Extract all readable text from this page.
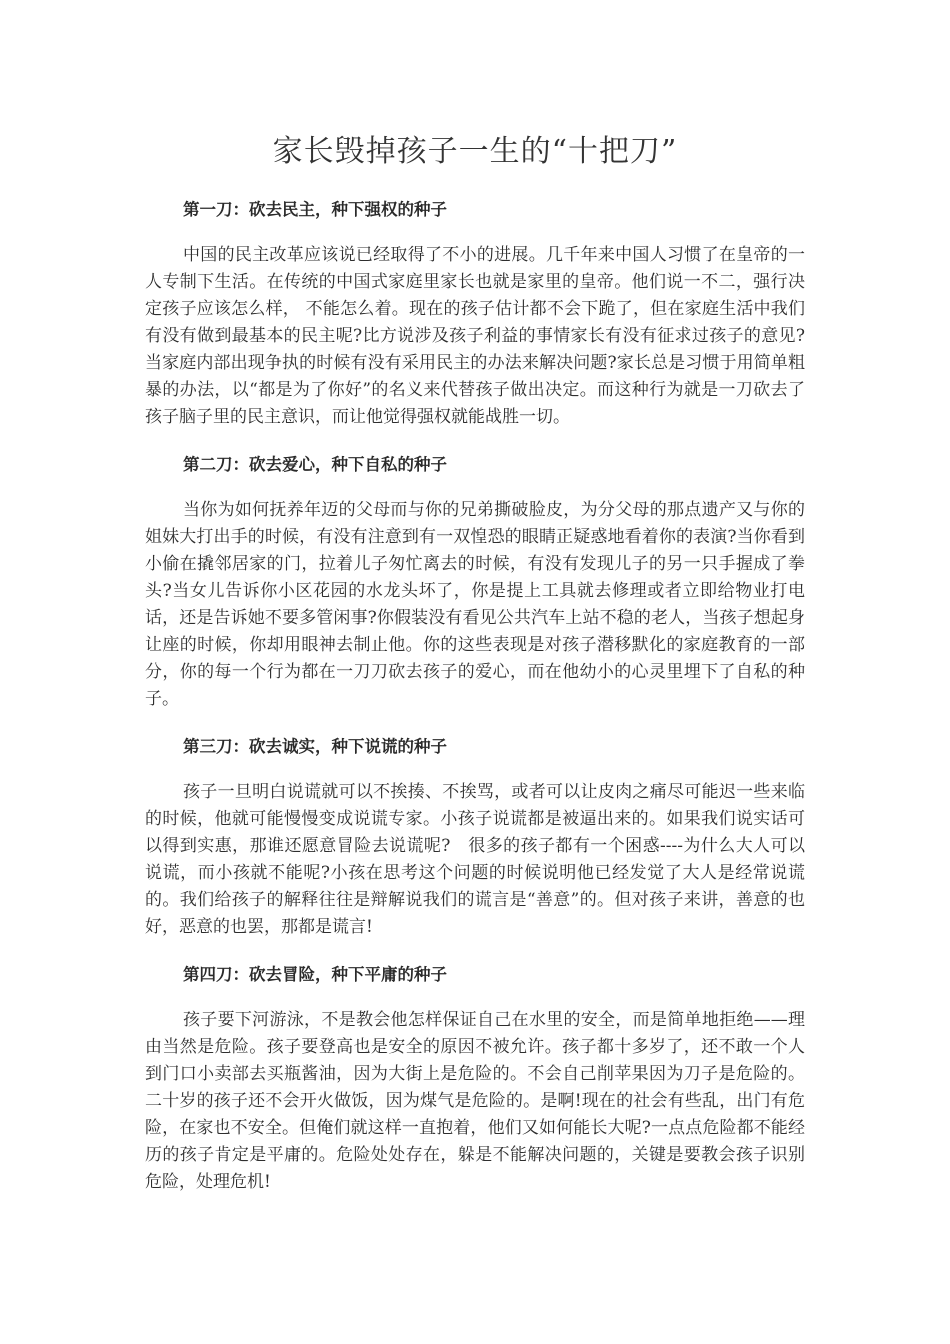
家长毁掉孩子一生的“十把刀”
第一刀：砍去民主，种下强权的种子

中国的民主改革应该说已经取得了不小的进展。几千年来中国人习惯了在皇帝的一人专制下生活。在传统的中国式家庭里家长也就是家里的皇帝。他们说一不二，强行决定孩子应该怎么样， 不能怎么着。现在的孩子估计都不会下跪了，但在家庭生活中我们有没有做到最基本的民主呢?比方说涉及孩子利益的事情家长有没有征求过孩子的意见?当家庭内部出现争执的时候有没有采用民主的办法来解决问题?家长总是习惯于用简单粗暴的办法，以“都是为了你好”的名义来代替孩子做出决定。而这种行为就是一刀砍去了孩子脑子里的民主意识，而让他觉得强权就能战胜一切。

第二刀：砍去爱心，种下自私的种子

当你为如何抚养年迈的父母而与你的兄弟撕破脸皮，为分父母的那点遗产又与你的姐妹大打出手的时候，有没有注意到有一双惶恐的眼睛正疑惑地看着你的表演?当你看到小偷在撬邻居家的门，拉着儿子匆忙离去的时候，有没有发现儿子的另一只手握成了拳头?当女儿告诉你小区花园的水龙头坏了，你是提上工具就去修理或者立即给物业打电话，还是告诉她不要多管闲事?你假装没有看见公共汽车上站不稳的老人，当孩子想起身让座的时候，你却用眼神去制止他。你的这些表现是对孩子潜移默化的家庭教育的一部分，你的每一个行为都在一刀刀砍去孩子的爱心，而在他幼小的心灵里埋下了自私的种子。

第三刀：砍去诚实，种下说谎的种子

孩子一旦明白说谎就可以不挨揍、不挨骂，或者可以让皮肉之痛尽可能迟一些来临的时候，他就可能慢慢变成说谎专家。小孩子说谎都是被逼出来的。如果我们说实话可以得到实惠，那谁还愿意冒险去说谎呢?　很多的孩子都有一个困惑----为什么大人可以说谎，而小孩就不能呢?小孩在思考这个问题的时候说明他已经发觉了大人是经常说谎的。我们给孩子的解释往往是辩解说我们的谎言是“善意”的。但对孩子来讲，善意的也好，恶意的也罢，那都是谎言!

第四刀：砍去冒险，种下平庸的种子

孩子要下河游泳，不是教会他怎样保证自己在水里的安全，而是简单地拒绝——理由当然是危险。孩子要登高也是安全的原因不被允许。孩子都十多岁了，还不敢一个人到门口小卖部去买瓶酱油，因为大街上是危险的。不会自己削苹果因为刀子是危险的。二十岁的孩子还不会开火做饭，因为煤气是危险的。是啊!现在的社会有些乱，出门有危险，在家也不安全。但俺们就这样一直抱着，他们又如何能长大呢?一点点危险都不能经历的孩子肯定是平庸的。危险处处存在，躲是不能解决问题的，关键是要教会孩子识别危险，处理危机!
